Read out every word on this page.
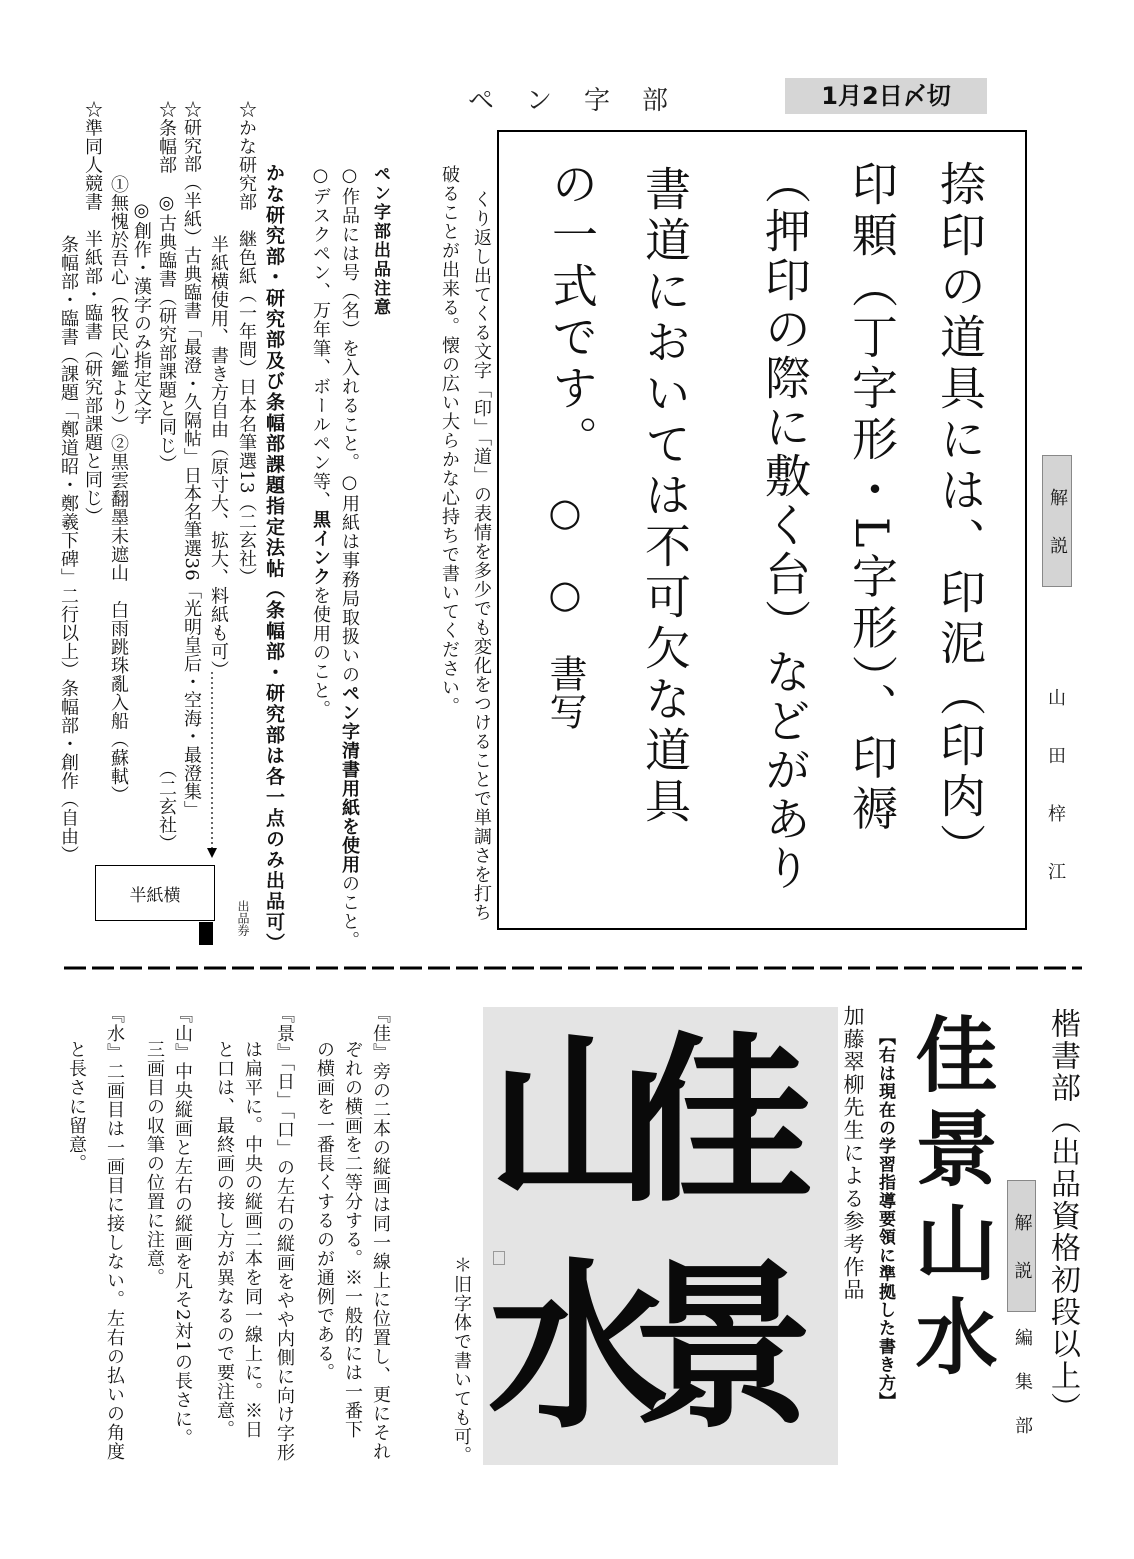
ペン字部	1月2日〆切
捺印の道具には、印泥（印肉）
印顆（丁字形・L字形）、印褥
（押印の際に敷く台）などがあり
書道においては不可欠な道具
の一式です。
○　○　書写	解説
山田梓江
くり返し出てくる文字「印」「道」の表情を多少でも変化をつけることで単調さを打ち
破ることが出来る。懐の広い大らかな心持ちで書いてください。
ペン字部出品注意
○作品には号（名）を入れること。○用紙は事務局取扱いのペン字清書用紙を使用のこと。
○デスクペン、万年筆、ボールペン等、黒インクを使用のこと。
かな研究部・研究部及び条幅部課題指定法帖（条幅部・研究部は各一点のみ出品可）
☆かな研究部　継色紙（一年間）日本名筆選13（二玄社）
半紙横使用、書き方自由（原寸大、拡大、料紙も可）
☆研究部（半紙）古典臨書「最澄・久隔帖」日本名筆選36「光明皇后・空海・最澄集」
（二玄社）
☆条幅部　◎古典臨書（研究部課題と同じ）
◎創作・漢字のみ指定文字
①無愧於吾心（牧民心鑑より）②黒雲翻墨未遮山　白雨跳珠亂入船（蘇軾）
☆準同人競書　半紙部・臨書（研究部課題と同じ）
条幅部・臨書（課題「鄭道昭・鄭羲下碑」二行以上）条幅部・創作（自由）
半紙横
出品券
楷書部（出品資格初段以上）
佳景山水 解説
編集部
【右は現在の学習指導要領に準拠した書き方】
加藤翠柳先生による参考作品
佳
景
山
水
＊旧字体で書いても可。
『佳』旁の二本の縦画は同一線上に位置し、更にそれ
ぞれの横画を二等分する。※一般的には一番下
の横画を一番長くするのが通例である。
『景』「日」「口」の左右の縦画をやや内側に向け字形
は扁平に。中央の縦画二本を同一線上に。※日
と口は、最終画の接し方が異なるので要注意。
『山』中央縦画と左右の縦画を凡そ2対1の長さに。
三画目の収筆の位置に注意。
『水』二画目は一画目に接しない。左右の払いの角度
と長さに留意。
